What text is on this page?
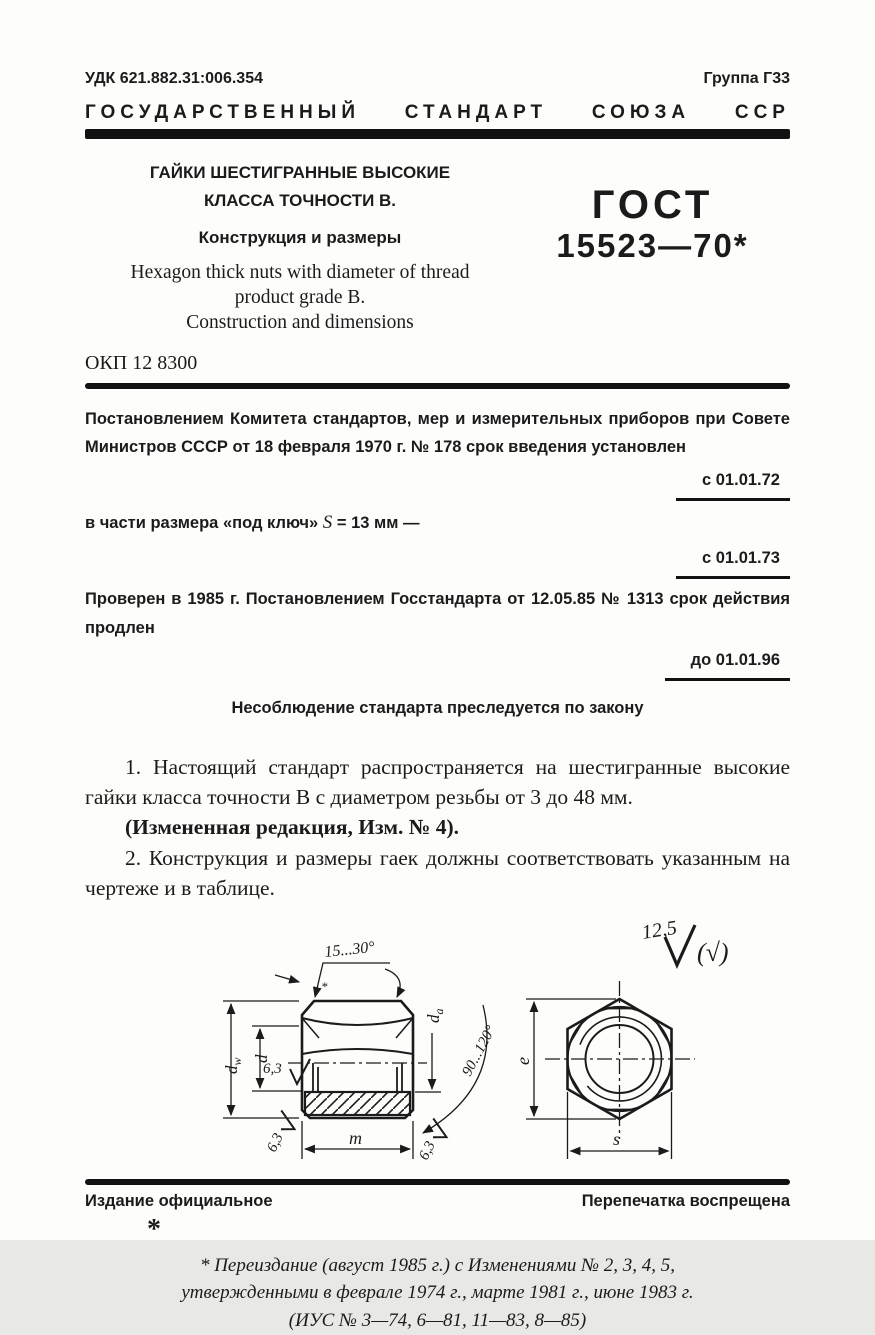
УДК 621.882.31:006.354	Группа Г33
ГОСУДАРСТВЕННЫЙ СТАНДАРТ СОЮЗА ССР
ГАЙКИ ШЕСТИГРАННЫЕ ВЫСОКИЕ
КЛАССА ТОЧНОСТИ В.
Конструкция и размеры
Hexagon thick nuts with diameter of thread
product grade B.
Construction and dimensions
ГОСТ
15523—70*
ОКП 12 8300

Постановлением Комитета стандартов, мер и измерительных приборов при Совете Министров СССР от 18 февраля 1970 г. № 178 срок введения установлен

с 01.01.72

в части размера «под ключ» S = 13 мм —

с 01.01.73

Проверен в 1985 г. Постановлением Госстандарта от 12.05.85 № 1313 срок действия продлен

до 01.01.96
Несоблюдение стандарта преследуется по закону

1. Настоящий стандарт распространяется на шестигранные высокие гайки класса точности В с диаметром резьбы от 3 до 48 мм.

(Измененная редакция, Изм. № 4).

2. Конструкция и размеры гаек должны соответствовать указанным на чертеже и в таблице.

12,5
(√)
$d_w$ d
m
15...30°
*
$d_a$
90...120°
6,3
6,3	6,3
e
s
Издание официальное	Перепечатка воспрещена
*
* Переиздание (август 1985 г.) с Изменениями № 2, 3, 4, 5,
утвержденными в феврале 1974 г., марте 1981 г., июне 1983 г.
(ИУС № 3—74, 6—81, 11—83, 8—85)
